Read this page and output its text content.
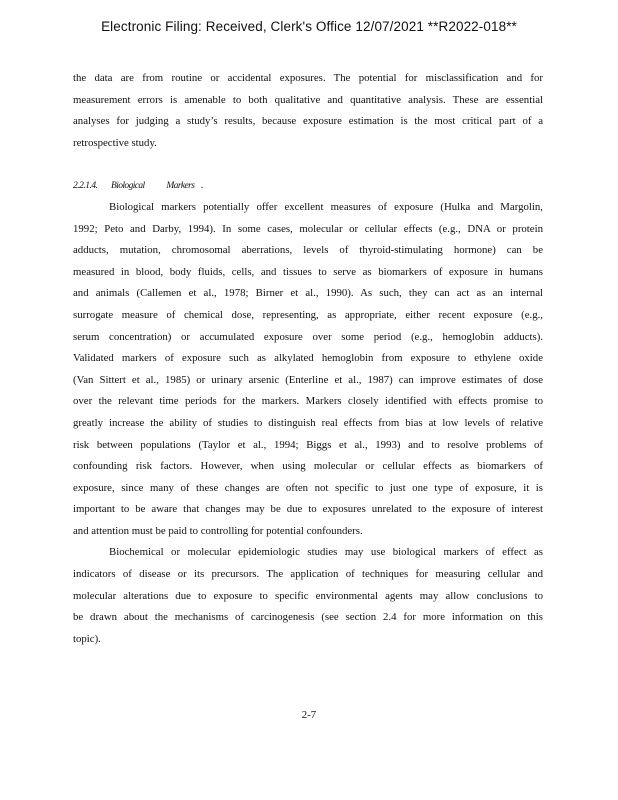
Electronic Filing: Received, Clerk's Office 12/07/2021 **R2022-018**
the data are from routine or accidental exposures. The potential for misclassification and for
measurement errors is amenable to both qualitative and quantitative analysis. These are essential
analyses for judging a study’s results, because exposure estimation is the most critical part of a
retrospective study.
2.2.1.4. Biological Markers .
Biological markers potentially offer excellent measures of exposure (Hulka and Margolin,
1992; Peto and Darby, 1994). In some cases, molecular or cellular effects (e.g., DNA or protein
adducts, mutation, chromosomal aberrations, levels of thyroid-stimulating hormone) can be
measured in blood, body fluids, cells, and tissues to serve as biomarkers of exposure in humans
and animals (Callemen et al., 1978; Birner et al., 1990). As such, they can act as an internal
surrogate measure of chemical dose, representing, as appropriate, either recent exposure (e.g.,
serum concentration) or accumulated exposure over some period (e.g., hemoglobin adducts).
Validated markers of exposure such as alkylated hemoglobin from exposure to ethylene oxide
(Van Sittert et al., 1985) or urinary arsenic (Enterline et al., 1987) can improve estimates of dose
over the relevant time periods for the markers. Markers closely identified with effects promise to
greatly increase the ability of studies to distinguish real effects from bias at low levels of relative
risk between populations (Taylor et al., 1994; Biggs et al., 1993) and to resolve problems of
confounding risk factors. However, when using molecular or cellular effects as biomarkers of
exposure, since many of these changes are often not specific to just one type of exposure, it is
important to be aware that changes may be due to exposures unrelated to the exposure of interest
and attention must be paid to controlling for potential confounders.
Biochemical or molecular epidemiologic studies may use biological markers of effect as
indicators of disease or its precursors. The application of techniques for measuring cellular and
molecular alterations due to exposure to specific environmental agents may allow conclusions to
be drawn about the mechanisms of carcinogenesis (see section 2.4 for more information on this
topic).
2-7
